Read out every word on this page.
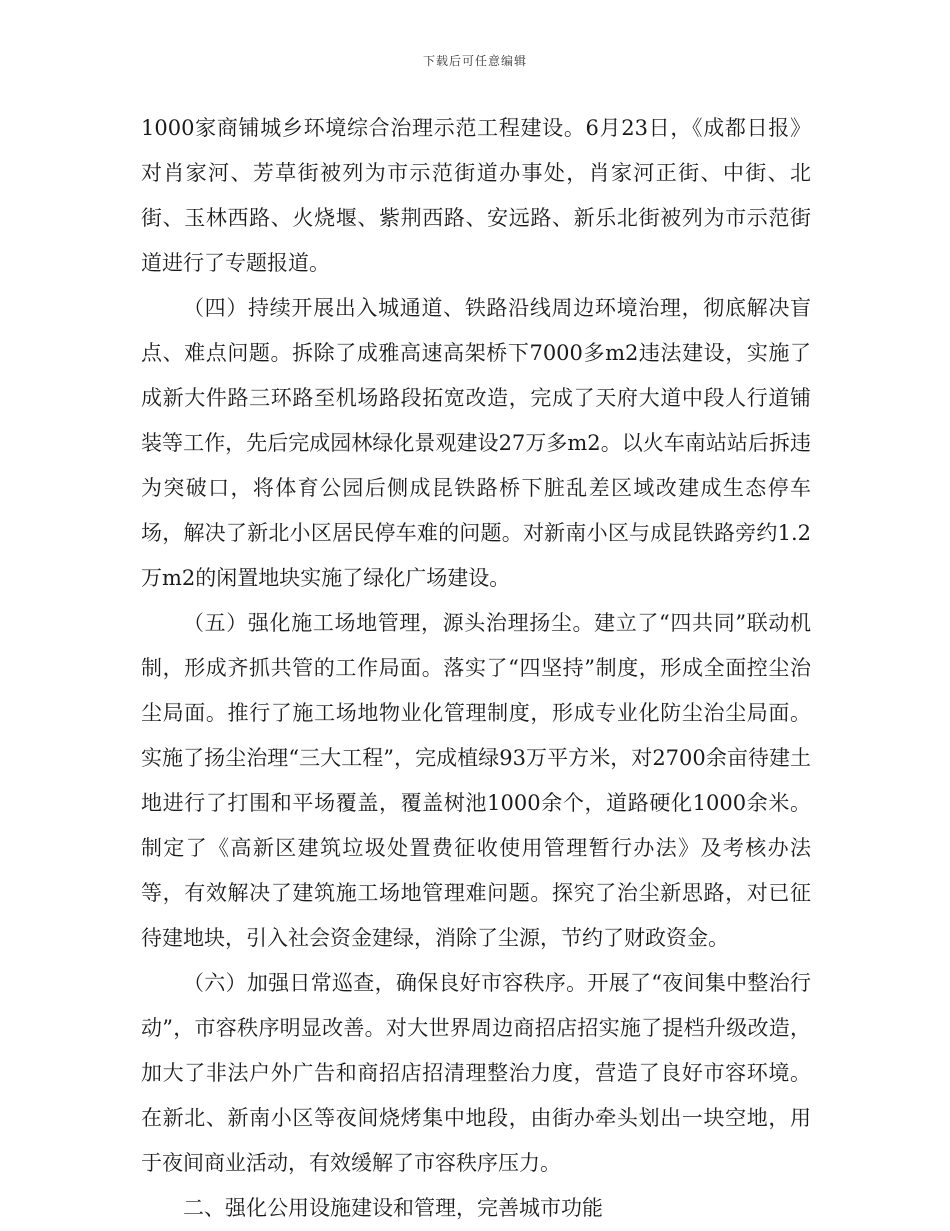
下载后可任意编辑

1000家商铺城乡环境综合治理示范工程建设。6月23日，《成都日报》对肖家河、芳草街被列为市示范街道办事处，肖家河正街、中街、北街、玉林西路、火烧堰、紫荆西路、安远路、新乐北街被列为市示范街道进行了专题报道。

（四）持续开展出入城通道、铁路沿线周边环境治理，彻底解决盲点、难点问题。拆除了成雅高速高架桥下7000多m2违法建设，实施了成新大件路三环路至机场路段拓宽改造，完成了天府大道中段人行道铺装等工作，先后完成园林绿化景观建设27万多m2。以火车南站站后拆违为突破口，将体育公园后侧成昆铁路桥下脏乱差区域改建成生态停车场，解决了新北小区居民停车难的问题。对新南小区与成昆铁路旁约1.2万m2的闲置地块实施了绿化广场建设。

（五）强化施工场地管理，源头治理扬尘。建立了“四共同”联动机制，形成齐抓共管的工作局面。落实了“四坚持”制度，形成全面控尘治尘局面。推行了施工场地物业化管理制度，形成专业化防尘治尘局面。实施了扬尘治理“三大工程”，完成植绿93万平方米，对2700余亩待建土地进行了打围和平场覆盖，覆盖树池1000余个，道路硬化1000余米。制定了《高新区建筑垃圾处置费征收使用管理暂行办法》及考核办法等，有效解决了建筑施工场地管理难问题。探究了治尘新思路，对已征待建地块，引入社会资金建绿，消除了尘源，节约了财政资金。

（六）加强日常巡查，确保良好市容秩序。开展了“夜间集中整治行动”，市容秩序明显改善。对大世界周边商招店招实施了提档升级改造，加大了非法户外广告和商招店招清理整治力度，营造了良好市容环境。在新北、新南小区等夜间烧烤集中地段，由街办牵头划出一块空地，用于夜间商业活动，有效缓解了市容秩序压力。

二、强化公用设施建设和管理，完善城市功能
